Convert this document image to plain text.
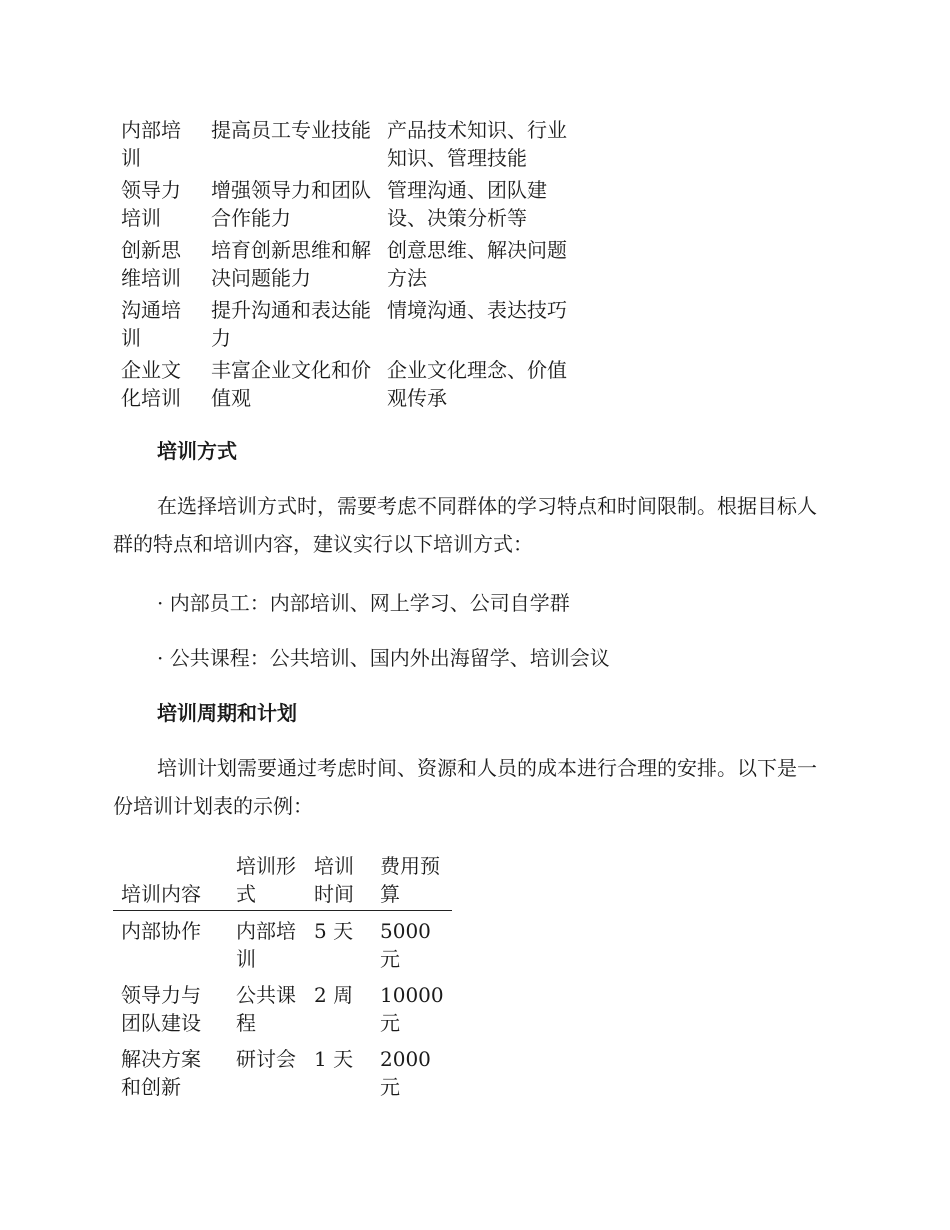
内部培训	提高员工专业技能	产品技术知识、行业知识、管理技能
领导力培训	增强领导力和团队合作能力	管理沟通、团队建设、决策分析等
创新思维培训	培育创新思维和解决问题能力	创意思维、解决问题方法
沟通培训	提升沟通和表达能力	情境沟通、表达技巧
企业文化培训	丰富企业文化和价值观	企业文化理念、价值观传承
培训方式
在选择培训方式时，需要考虑不同群体的学习特点和时间限制。根据目标人群的特点和培训内容，建议实行以下培训方式：
· 内部员工：内部培训、网上学习、公司自学群
· 公共课程：公共培训、国内外出海留学、培训会议
培训周期和计划
培训计划需要通过考虑时间、资源和人员的成本进行合理的安排。以下是一份培训计划表的示例：
培训内容	培训形式	培训时间	费用预算
内部协作	内部培训	5 天	5000 元
领导力与团队建设	公共课程	2 周	10000 元
解决方案和创新	研讨会	1 天	2000 元
